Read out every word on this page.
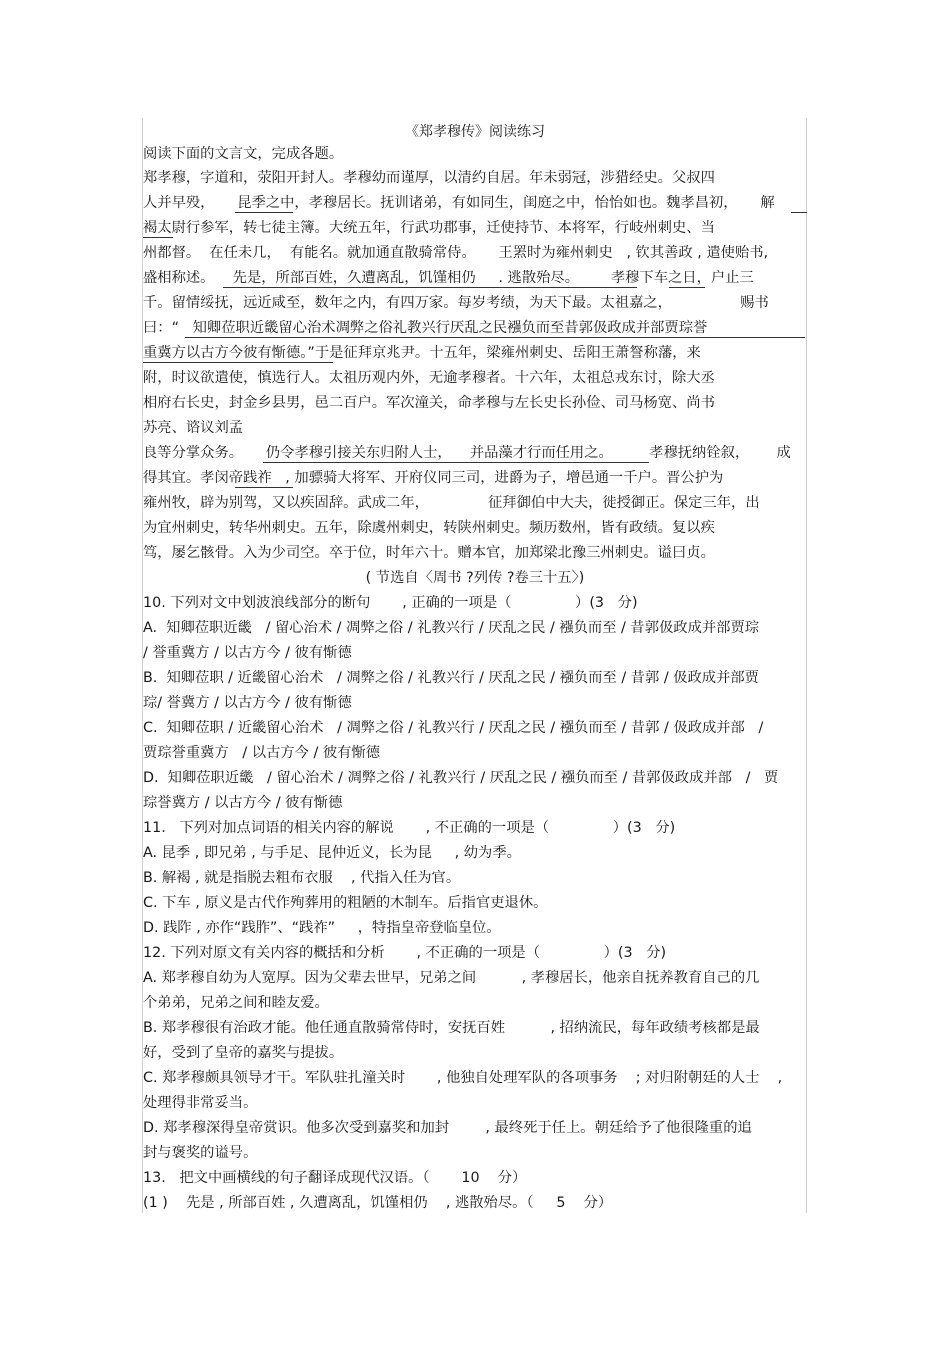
《郑孝穆传》阅读练习
阅读下面的文言文，完成各题。
郑孝穆，字道和，荥阳开封人。孝穆幼而谨厚，以清约自居。年未弱冠，涉猎经史。父叔四
人并早殁，     昆季之中，孝穆居长。抚训诸弟，有如同生，闺庭之中，怡怡如也。魏孝昌初，     解
褐太尉行参军，转七徒主簿。大统五年，行武功郡事，迁使持节、本将军，行岐州刺史、当
州都督。  在任未几，  有能名。就加通直散骑常侍。     王罴时为雍州刺史   , 钦其善政 , 遣使贻书,
盛相称述。    先是，所部百姓，久遭离乱，饥馑相仍     . 逃散殆尽。       孝穆下车之日，户止三
千。留情绥抚，远近咸至，数年之内，有四万家。每岁考绩，为天下最。太祖嘉之，               赐书
曰：“   知卿莅职近畿留心治术凋弊之俗礼教兴行厌乱之民襁负而至昔郭伋政成并部贾琮誉
重冀方以古方今彼有惭德。”于是征拜京兆尹。十五年，梁雍州刺史、岳阳王萧詧称藩，来
附，时议欲遣使，慎选行人。太祖历观内外，无逾孝穆者。十六年，太祖总戎东讨，除大丞
相府右长史，封金乡县男，邑二百户。军次潼关，命孝穆与左长史长孙俭、司马杨宽、尚书
苏亮、谘议刘孟
良等分掌众务。     仍令孝穆引接关东归附人士，    并品藻才行而任用之。        孝穆抚纳铨叙，      成
得其宜。孝闵帝践祚   , 加骠骑大将军、开府仪同三司，进爵为子，增邑通一千户。晋公护为
雍州牧，辟为别驾，又以疾固辞。武成二年，             征拜御伯中大夫，徙授御正。保定三年，出
为宜州刺史，转华州刺史。五年，除虞州刺史，转陕州刺史。频历数州，皆有政绩。复以疾
笃，屡乞骸骨。入为少司空。卒于位，时年六十。赠本官，加郑梁北豫三州刺史。谥曰贞。
( 节选自〈周书 ?列传 ?卷三十五〉)
10. 下列对文中划波浪线部分的断句       , 正确的一项是（              ）(3   分)
A.  知卿莅职近畿   / 留心治术 / 凋弊之俗 / 礼教兴行 / 厌乱之民 / 襁负而至 / 昔郭伋政成并部贾琮
/ 誉重冀方 / 以古方今 / 彼有惭德
B.  知卿莅职 / 近畿留心治术   / 凋弊之俗 / 礼教兴行 / 厌乱之民 / 襁负而至 / 昔郭 / 伋政成并部贾
琮/ 誉冀方 / 以古方今 / 彼有惭德
C.  知卿莅职 / 近畿留心治术   / 凋弊之俗 / 礼教兴行 / 厌乱之民 / 襁负而至 / 昔郭 / 伋政成并部   /
贾琮誉重冀方   / 以古方今 / 彼有惭德
D.  知卿莅职近畿   / 留心治术 / 凋弊之俗 / 礼教兴行 / 厌乱之民 / 襁负而至 / 昔郭伋政成并部   /   贾
琮誉冀方 / 以古方今 / 彼有惭德
11.   下列对加点词语的相关内容的解说       , 不正确的一项是（              ）(3   分)
A. 昆季 , 即兄弟 , 与手足、昆仲近义，长为昆     , 幼为季。
B. 解褐 , 就是指脱去粗布衣服    , 代指入任为官。
C. 下车 , 原义是古代作殉葬用的粗陋的木制车。后指官吏退休。
D. 践阼 , 亦作“践胙”、“践祚”     ，特指皇帝登临皇位。
12. 下列对原文有关内容的概括和分析       , 不正确的一项是（              ）(3   分)
A. 郑孝穆自幼为人宽厚。因为父辈去世早，兄弟之间          , 孝穆居长，他亲自抚养教育自己的几
个弟弟，兄弟之间和睦友爱。
B. 郑孝穆很有治政才能。他任通直散骑常侍时，安抚百姓          , 招纳流民，每年政绩考核都是最
好，受到了皇帝的嘉奖与提拔。
C. 郑孝穆颇具领导才干。军队驻扎潼关时       , 他独自处理军队的各项事务    ; 对归附朝廷的人士    ,
处理得非常妥当。
D. 郑孝穆深得皇帝赏识。他多次受到嘉奖和加封        , 最终死于任上。朝廷给予了他很隆重的追
封与褒奖的谥号。
13.   把文中画横线的句子翻译成现代汉语。（       10    分）
(1 )    先是 , 所部百姓 , 久遭离乱，饥馑相仍    , 逃散殆尽。（     5    分）
